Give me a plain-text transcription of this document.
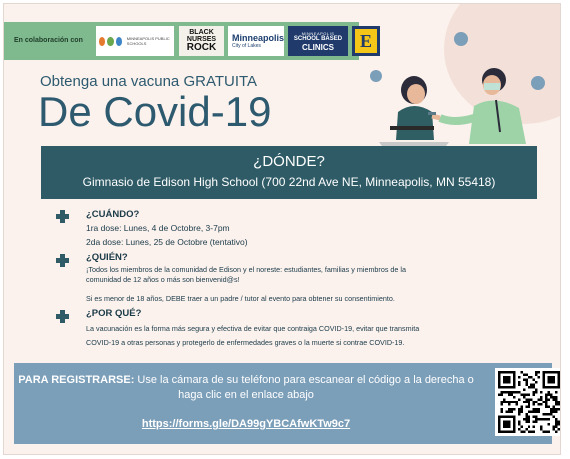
En colaboración con	MINNEAPOLIS PUBLIC SCHOOLS
BLACK NURSES
ROCK
Minneapolis
City of Lakes
MINNEAPOLIS
SCHOOL BASED
CLINICS	E
Obtenga una vacuna GRATUITA
De Covid-19
¿DÓNDE?
Gimnasio de Edison High School (700 22nd Ave NE, Minneapolis, MN 55418)
¿CUÁNDO?
1ra dose: Lunes, 4 de Octobre, 3-7pm
2da dose: Lunes, 25 de Octobre (tentativo)
¿QUIÉN?
¡Todos los miembros de la comunidad de Edison y el noreste: estudiantes, familias y miembros de la
comunidad de 12 años o más son bienvenid@s!
Si es menor de 18 años, DEBE traer a un padre / tutor al evento para obtener su consentimiento.
¿POR QUÉ?
La vacunación es la forma más segura y efectiva de evitar que contraiga COVID-19, evitar que transmita
COVID-19 a otras personas y protegerlo de enfermedades graves o la muerte si contrae COVID-19.
PARA REGISTRARSE: Use la cámara de su teléfono para escanear el código a la derecha o haga clic en el enlace abajo
https://forms.gle/DA99gYBCAfwKTw9c7
